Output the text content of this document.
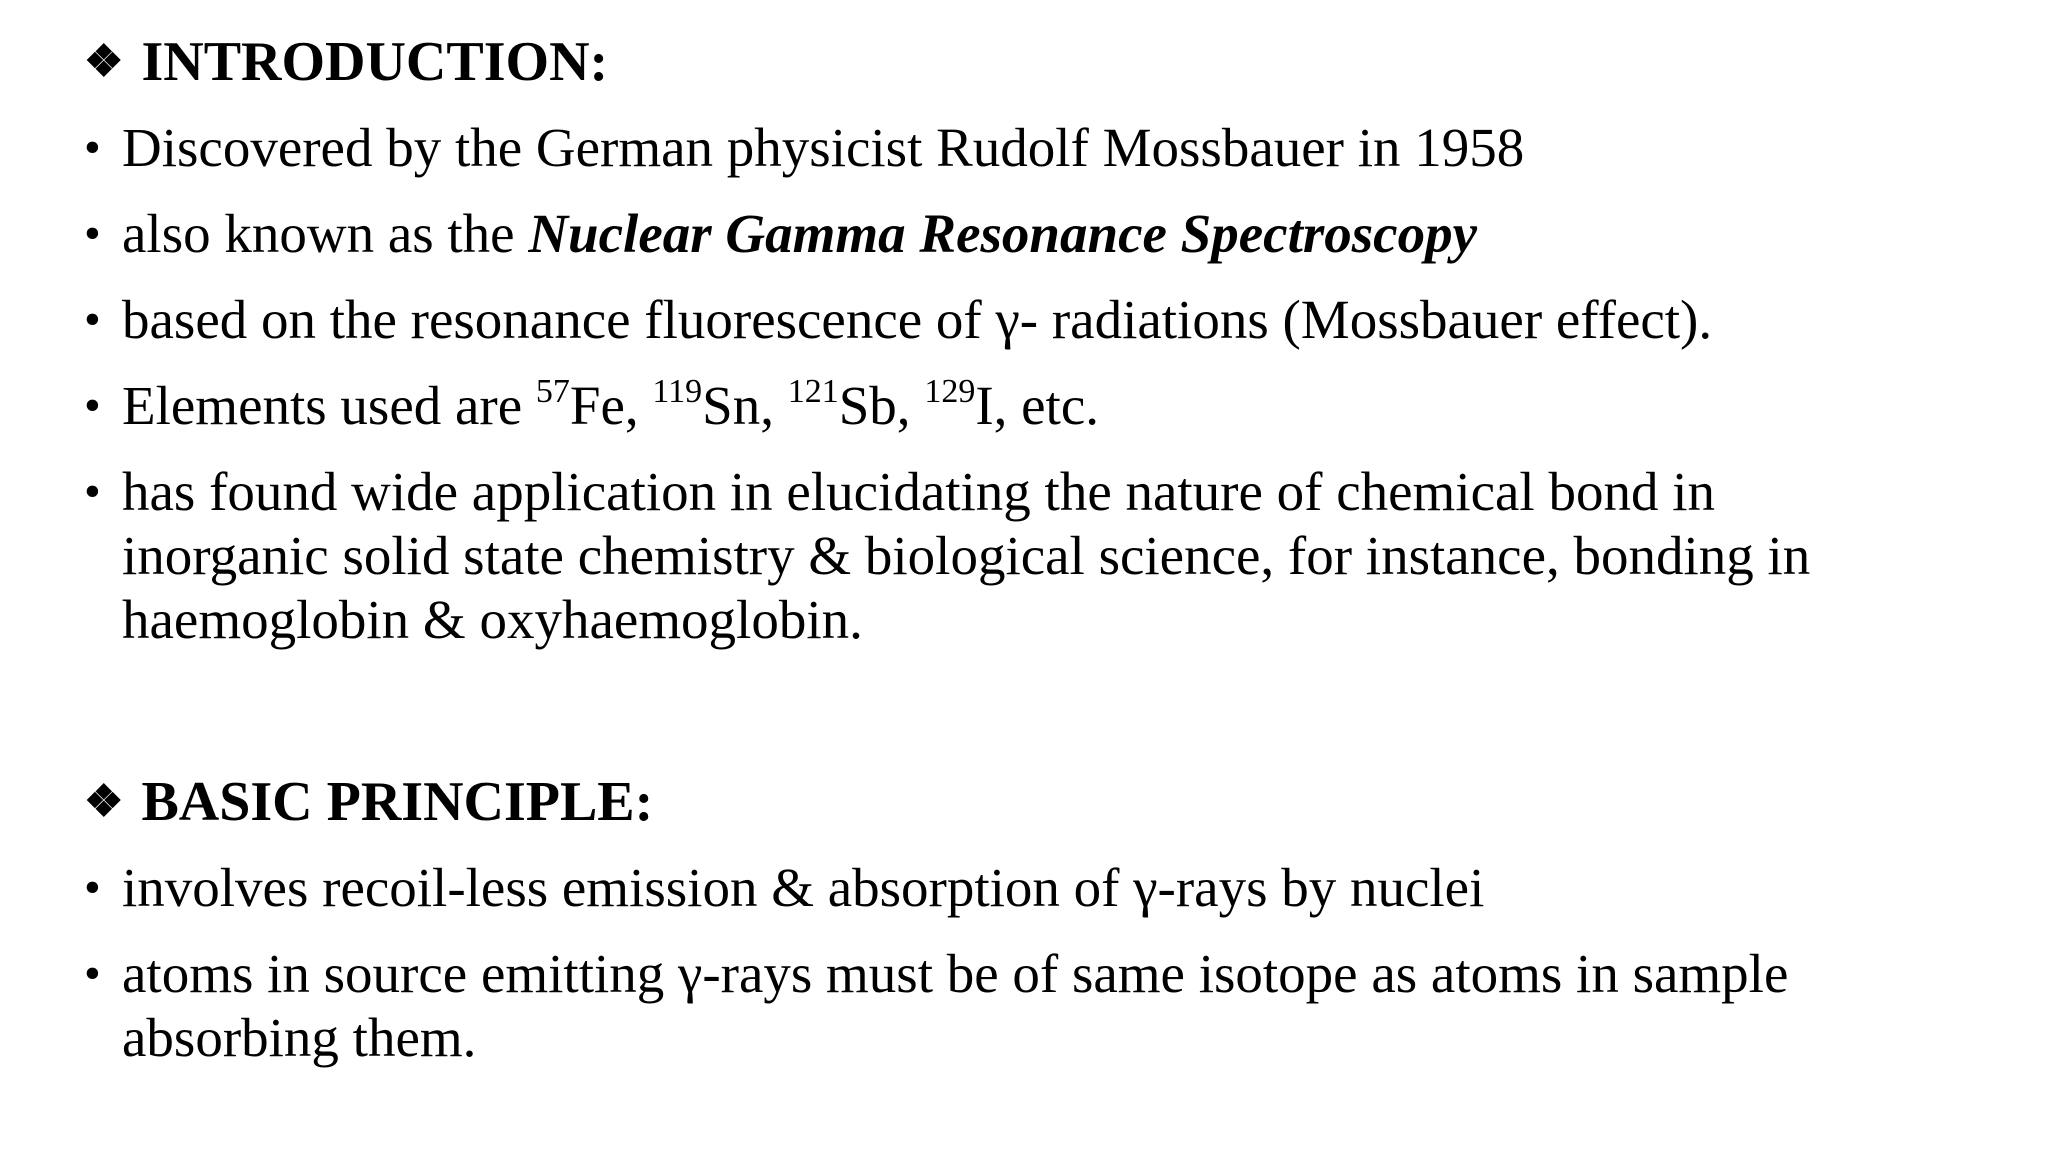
❖ INTRODUCTION:
• Discovered by the German physicist Rudolf Mossbauer in 1958
• also known as the Nuclear Gamma Resonance Spectroscopy
• based on the resonance fluorescence of γ- radiations (Mossbauer effect).
• Elements used are $^{57}$Fe, $^{119}$Sn, $^{121}$Sb, $^{129}$I, etc.
• has found wide application in elucidating the nature of chemical bond in
inorganic solid state chemistry & biological science, for instance, bonding in
haemoglobin & oxyhaemoglobin.
❖ BASIC PRINCIPLE:
• involves recoil-less emission & absorption of γ-rays by nuclei
• atoms in source emitting γ-rays must be of same isotope as atoms in sample
absorbing them.
